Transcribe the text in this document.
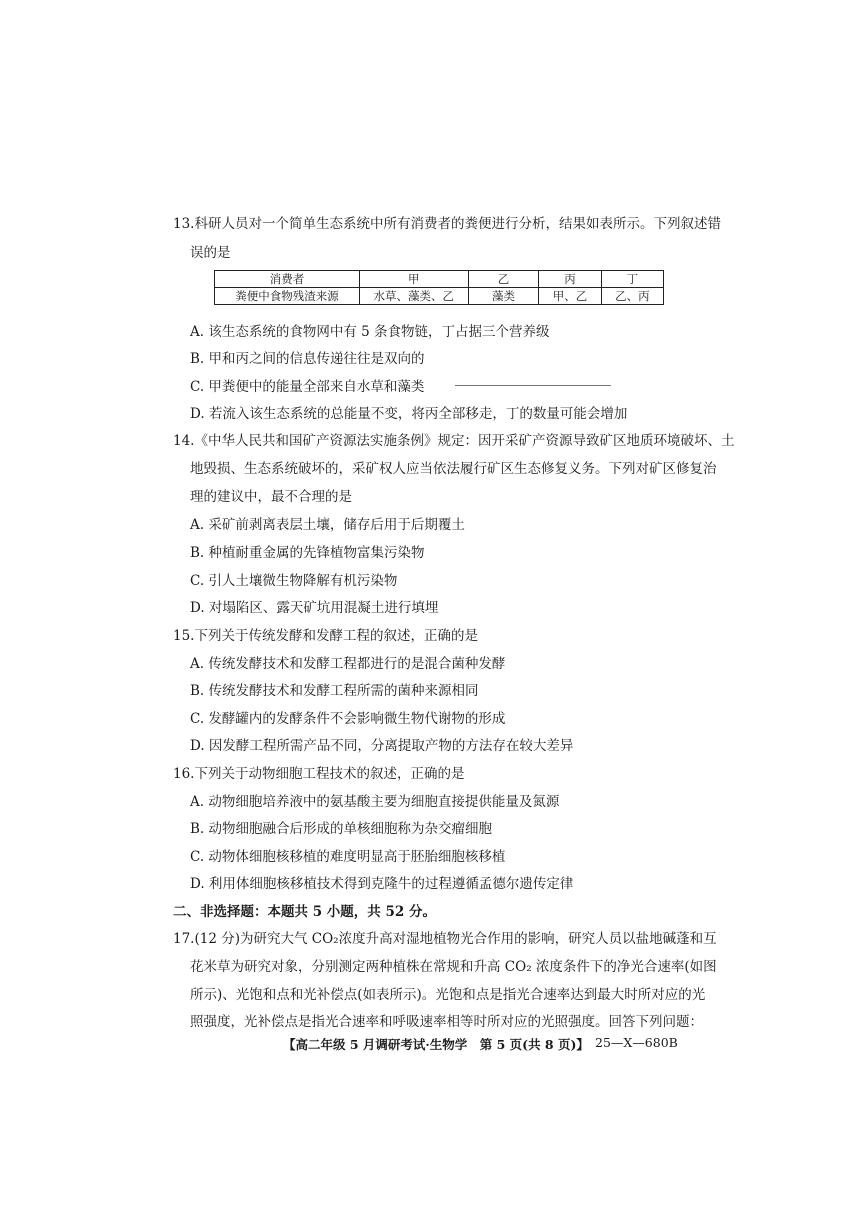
13.科研人员对一个简单生态系统中所有消费者的粪便进行分析，结果如表所示。下列叙述错
误的是
消费者	甲	乙	丙	丁
粪便中食物残渣来源	水草、藻类、乙	藻类	甲、乙	乙、丙
A. 该生态系统的食物网中有 5 条食物链，丁占据三个营养级
B. 甲和丙之间的信息传递往往是双向的
C. 甲粪便中的能量全部来自水草和藻类
D. 若流入该生态系统的总能量不变，将丙全部移走，丁的数量可能会增加
14.《中华人民共和国矿产资源法实施条例》规定：因开采矿产资源导致矿区地质环境破坏、土
地毁损、生态系统破坏的，采矿权人应当依法履行矿区生态修复义务。下列对矿区修复治
理的建议中，最不合理的是
A. 采矿前剥离表层土壤，储存后用于后期覆土
B. 种植耐重金属的先锋植物富集污染物
C. 引人土壤微生物降解有机污染物
D. 对塌陷区、露天矿坑用混凝土进行填埋
15.下列关于传统发酵和发酵工程的叙述，正确的是
A. 传统发酵技术和发酵工程都进行的是混合菌种发酵
B. 传统发酵技术和发酵工程所需的菌种来源相同
C. 发酵罐内的发酵条件不会影响微生物代谢物的形成
D. 因发酵工程所需产品不同，分离提取产物的方法存在较大差异
16.下列关于动物细胞工程技术的叙述，正确的是
A. 动物细胞培养液中的氨基酸主要为细胞直接提供能量及氮源
B. 动物细胞融合后形成的单核细胞称为杂交瘤细胞
C. 动物体细胞核移植的难度明显高于胚胎细胞核移植
D. 利用体细胞核移植技术得到克隆牛的过程遵循孟德尔遗传定律
二、非选择题：本题共 5 小题，共 52 分。
17.(12 分)为研究大气 CO₂浓度升高对湿地植物光合作用的影响，研究人员以盐地碱蓬和互
花米草为研究对象，分别测定两种植株在常规和升高 CO₂ 浓度条件下的净光合速率(如图
所示)、光饱和点和光补偿点(如表所示)。光饱和点是指光合速率达到最大时所对应的光
照强度，光补偿点是指光合速率和呼吸速率相等时所对应的光照强度。回答下列问题：
【高二年级 5 月调研考试·生物学　第 5 页(共 8 页)】 25—X—680B
